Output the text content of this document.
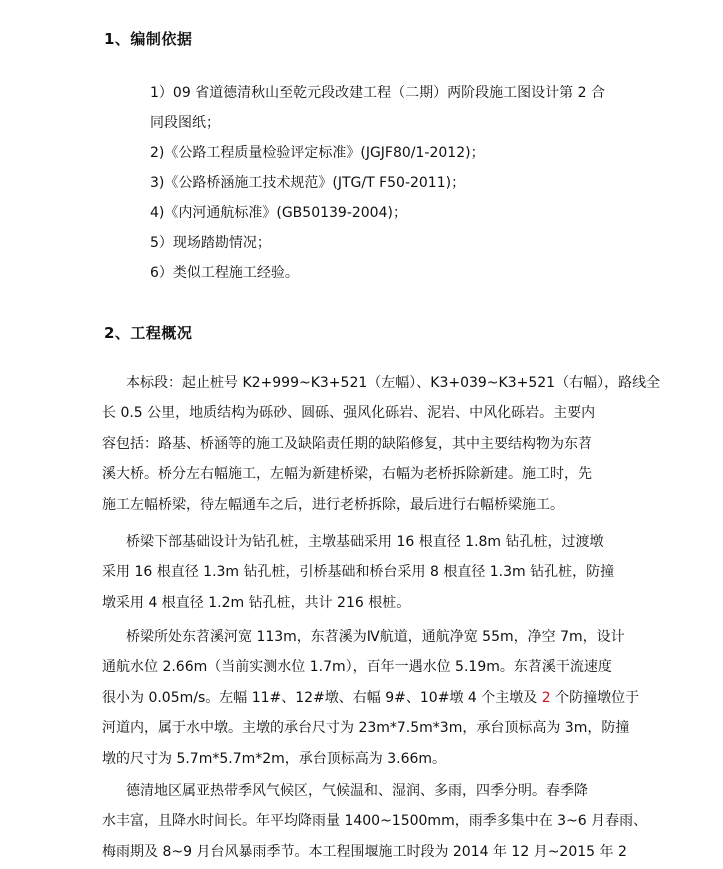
1、编制依据
1）09 省道德清秋山至乾元段改建工程（二期）两阶段施工图设计第 2 合
同段图纸；
2)《公路工程质量检验评定标准》(JGJF80/1-2012)；
3)《公路桥涵施工技术规范》(JTG/T F50-2011)；
4)《内河通航标准》(GB50139-2004)；
5）现场踏勘情况；
6）类似工程施工经验。
2、工程概况
本标段：起止桩号 K2+999~K3+521（左幅）、K3+039~K3+521（右幅），路线全
长 0.5 公里，地质结构为砾砂、圆砾、强风化砾岩、泥岩、中风化砾岩。主要内
容包括：路基、桥涵等的施工及缺陷责任期的缺陷修复，其中主要结构物为东苕
溪大桥。桥分左右幅施工，左幅为新建桥梁，右幅为老桥拆除新建。施工时，先
施工左幅桥梁，待左幅通车之后，进行老桥拆除，最后进行右幅桥梁施工。
桥梁下部基础设计为钻孔桩，主墩基础采用 16 根直径 1.8m 钻孔桩，过渡墩
采用 16 根直径 1.3m 钻孔桩，引桥基础和桥台采用 8 根直径 1.3m 钻孔桩，防撞
墩采用 4 根直径 1.2m 钻孔桩，共计 216 根桩。
桥梁所处东苕溪河宽 113m，东苕溪为Ⅳ航道，通航净宽 55m，净空 7m，设计
通航水位 2.66m（当前实测水位 1.7m），百年一遇水位 5.19m。东苕溪干流速度
很小为 0.05m/s。左幅 11#、12#墩、右幅 9#、10#墩 4 个主墩及 2 个防撞墩位于
河道内，属于水中墩。主墩的承台尺寸为 23m*7.5m*3m，承台顶标高为 3m，防撞
墩的尺寸为 5.7m*5.7m*2m，承台顶标高为 3.66m。
德清地区属亚热带季风气候区，气候温和、湿润、多雨，四季分明。春季降
水丰富，且降水时间长。年平均降雨量 1400~1500mm，雨季多集中在 3~6 月春雨、
梅雨期及 8~9 月台风暴雨季节。本工程围堰施工时段为 2014 年 12 月~2015 年 2
